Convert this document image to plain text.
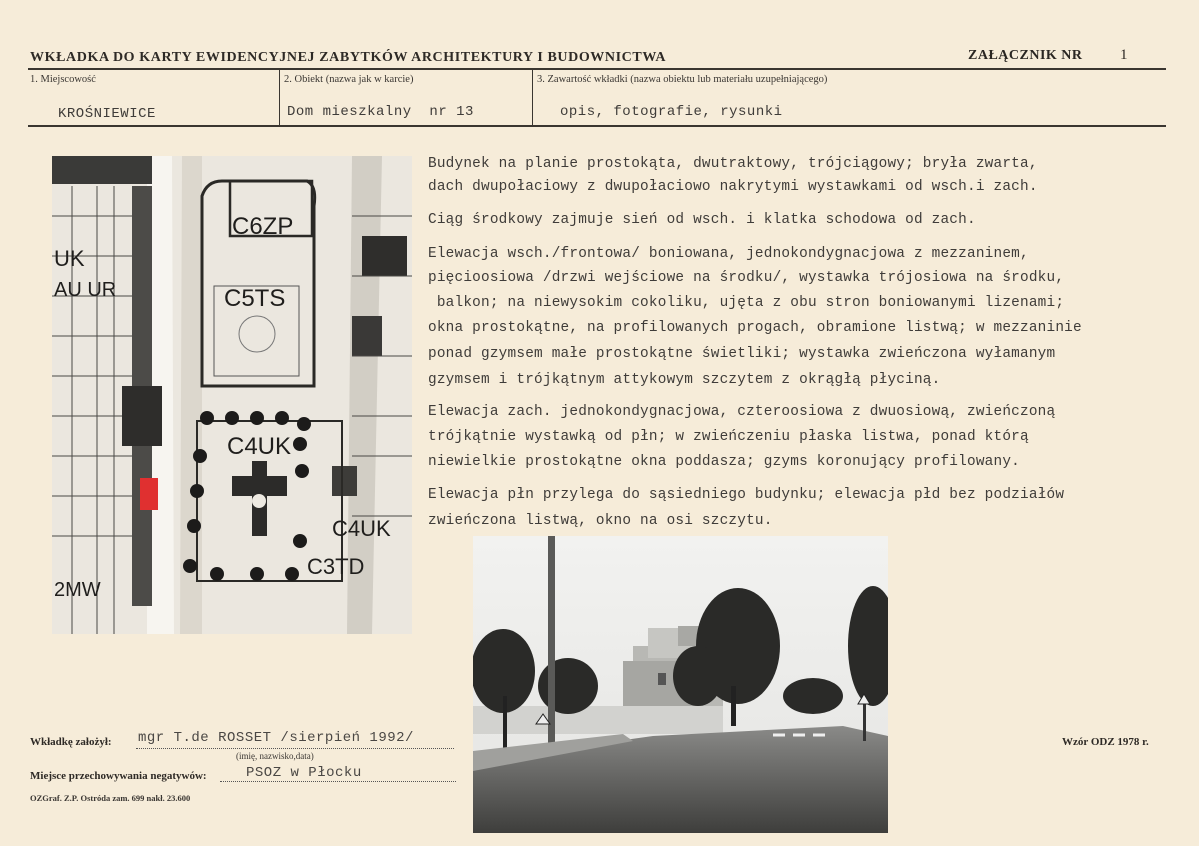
WKŁADKA DO KARTY EWIDENCYJNEJ ZABYTKÓW ARCHITEKTURY I BUDOWNICTWA	ZAŁĄCZNIK NR 1
1. Miejscowość
KROŚNIEWICE
2. Obiekt (nazwa jak w karcie)
Dom mieszkalny  nr 13
3. Zawartość wkładki (nazwa obiektu lub materiału uzupełniającego)
opis, fotografie, rysunki
C6ZP
C5TS
C4UK
C4UK
C3TD
UK
AU UR
2MW
Budynek na planie prostokąta, dwutraktowy, trójciągowy; bryła zwarta,
dach dwupołaciowy z dwupołaciowo nakrytymi wystawkami od wsch.i zach.
Ciąg środkowy zajmuje sień od wsch. i klatka schodowa od zach.
Elewacja wsch./frontowa/ boniowana, jednokondygnacjowa z mezzaninem,
pięcioosiowa /drzwi wejściowe na środku/, wystawka trójosiowa na środku,
balkon; na niewysokim cokoliku, ujęta z obu stron boniowanymi lizenami;
okna prostokątne, na profilowanych progach, obramione listwą; w mezzaninie
ponad gzymsem małe prostokątne świetliki; wystawka zwieńczona wyłamanym
gzymsem i trójkątnym attykowym szczytem z okrągłą płyciną.
Elewacja zach. jednokondygnacjowa, czteroosiowa z dwuosiową, zwieńczoną
trójkątnie wystawką od płn; w zwieńczeniu płaska listwa, ponad którą
niewielkie prostokątne okna poddasza; gzyms koronujący profilowany.
Elewacja płn przylega do sąsiedniego budynku; elewacja płd bez podziałów
zwieńczona listwą, okno na osi szczytu.
Wkładkę założył: mgr T.de ROSSET /sierpień 1992/
(imię, nazwisko,data)
Miejsce przechowywania negatywów:	PSOZ w Płocku
OZGraf. Z.P. Ostróda zam. 699 nakł. 23.600
Wzór ODZ 1978 r.
